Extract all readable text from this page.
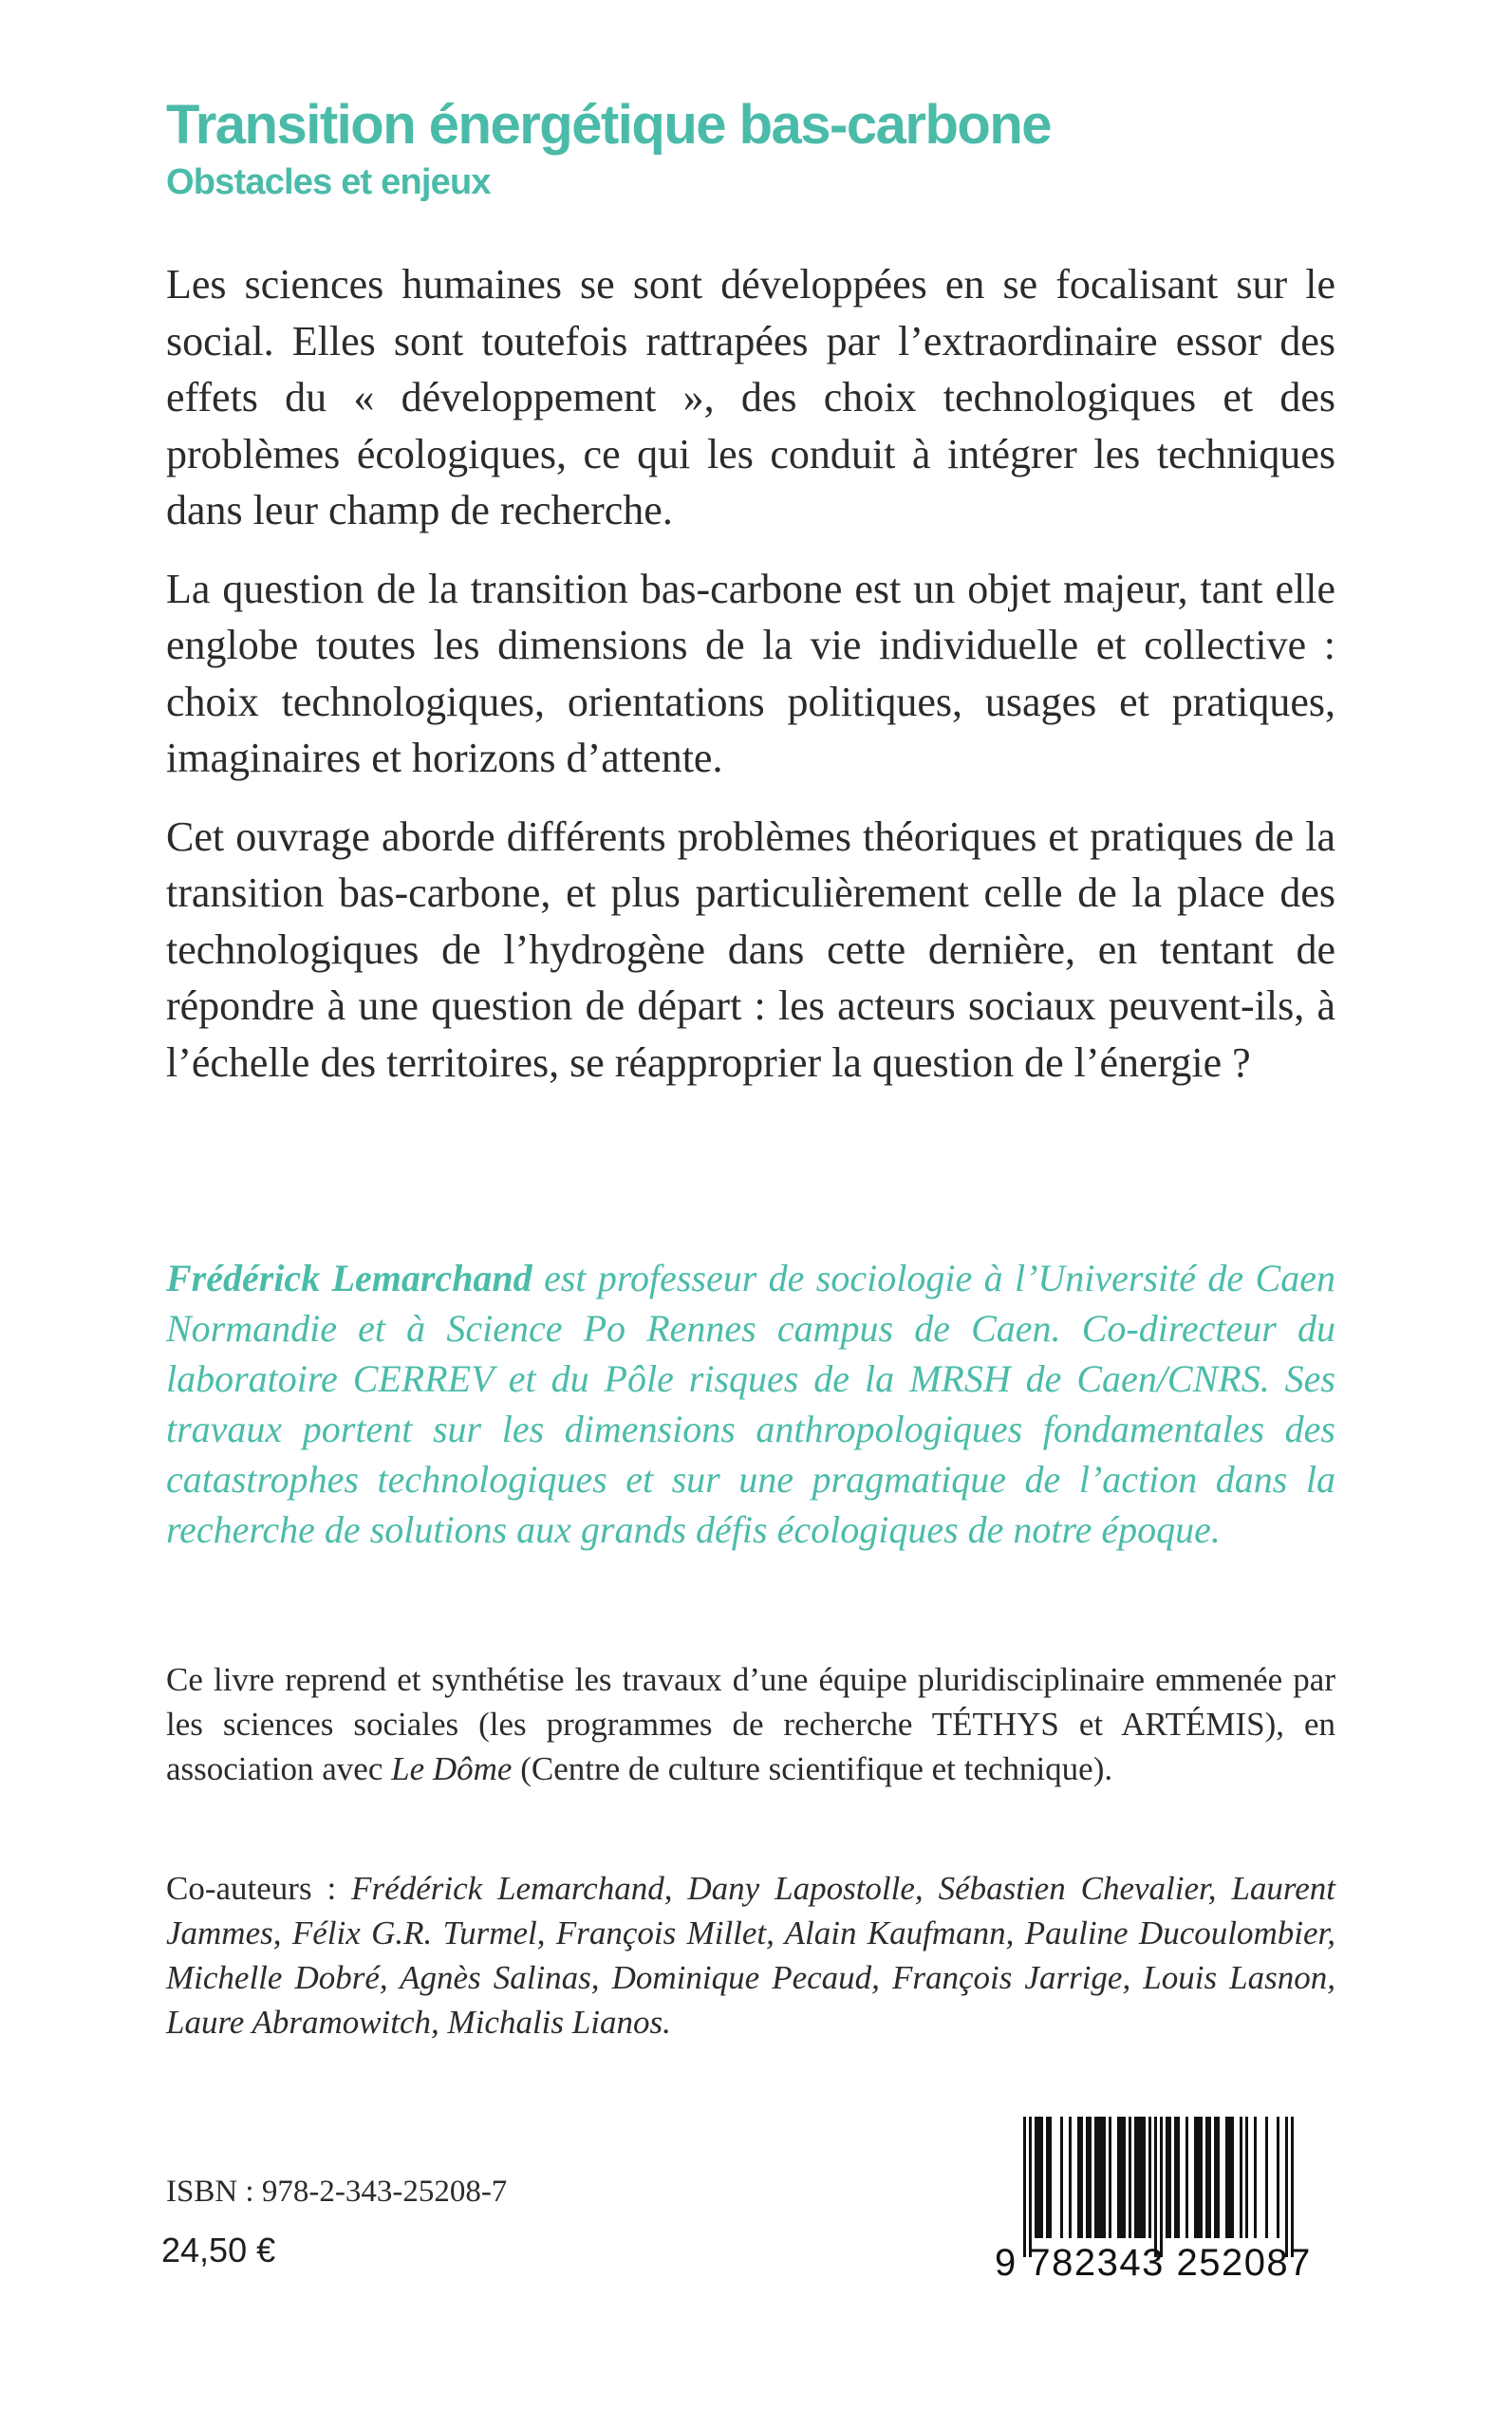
Transition énergétique bas-carbone
Obstacles et enjeux

Les sciences humaines se sont développées en se focalisant sur le social. Elles sont toutefois rattrapées par l’extraordinaire essor des effets du « développement », des choix technologiques et des problèmes écologiques, ce qui les conduit à intégrer les techniques dans leur champ de recherche.

La question de la transition bas-carbone est un objet majeur, tant elle englobe toutes les dimensions de la vie individuelle et collective : choix technologiques, orientations politiques, usages et pratiques, imaginaires et horizons d’attente.

Cet ouvrage aborde différents problèmes théoriques et pratiques de la transition bas-carbone, et plus particulièrement celle de la place des technologiques de l’hydrogène dans cette dernière, en tentant de répondre à une question de départ : les acteurs sociaux peuvent-ils, à l’échelle des territoires, se réapproprier la question de l’énergie ?

Frédérick Lemarchand est professeur de sociologie à l’Université de Caen Normandie et à Science Po Rennes campus de Caen. Co-directeur du laboratoire CERREV et du Pôle risques de la MRSH de Caen/CNRS. Ses travaux portent sur les dimensions anthropologiques fondamentales des catastrophes technologiques et sur une pragmatique de l’action dans la recherche de solutions aux grands défis écologiques de notre époque.

Ce livre reprend et synthétise les travaux d’une équipe pluridisciplinaire emmenée par les sciences sociales (les programmes de recherche TÉTHYS et ARTÉMIS), en association avec Le Dôme (Centre de culture scientifique et technique).

Co-auteurs : Frédérick Lemarchand, Dany Lapostolle, Sébastien Chevalier, Laurent Jammes, Félix G.R. Turmel, François Millet, Alain Kaufmann, Pauline Ducoulombier, Michelle Dobré, Agnès Salinas, Dominique Pecaud, François Jarrige, Louis Lasnon, Laure Abramowitch, Michalis Lianos.

ISBN : 978-2-343-25208-7
24,50 €	9 782343 252087
